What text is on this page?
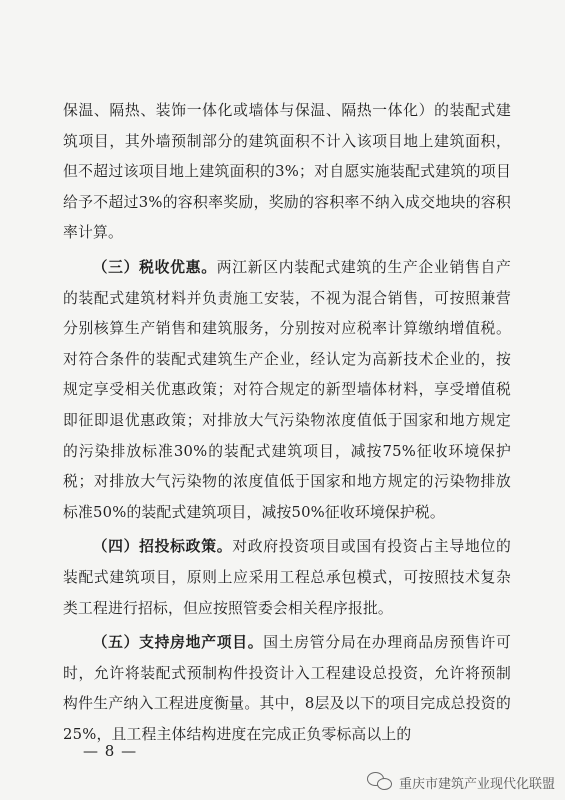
保温、隔热、装饰一体化或墙体与保温、隔热一体化）的装配式建筑项目，其外墙预制部分的建筑面积不计入该项目地上建筑面积，但不超过该项目地上建筑面积的3%；对自愿实施装配式建筑的项目给予不超过3%的容积率奖励，奖励的容积率不纳入成交地块的容积率计算。

（三）税收优惠。两江新区内装配式建筑的生产企业销售自产的装配式建筑材料并负责施工安装，不视为混合销售，可按照兼营分别核算生产销售和建筑服务，分别按对应税率计算缴纳增值税。对符合条件的装配式建筑生产企业，经认定为高新技术企业的，按规定享受相关优惠政策；对符合规定的新型墙体材料，享受增值税即征即退优惠政策；对排放大气污染物浓度值低于国家和地方规定的污染排放标准30%的装配式建筑项目，减按75%征收环境保护税；对排放大气污染物的浓度值低于国家和地方规定的污染物排放标准50%的装配式建筑项目，减按50%征收环境保护税。

（四）招投标政策。对政府投资项目或国有投资占主导地位的装配式建筑项目，原则上应采用工程总承包模式，可按照技术复杂类工程进行招标，但应按照管委会相关程序报批。

（五）支持房地产项目。国土房管分局在办理商品房预售许可时，允许将装配式预制构件投资计入工程建设总投资，允许将预制构件生产纳入工程进度衡量。其中，8层及以下的项目完成总投资的25%，且工程主体结构进度在完成正负零标高以上的

— 8 —
重庆市建筑产业现代化联盟
